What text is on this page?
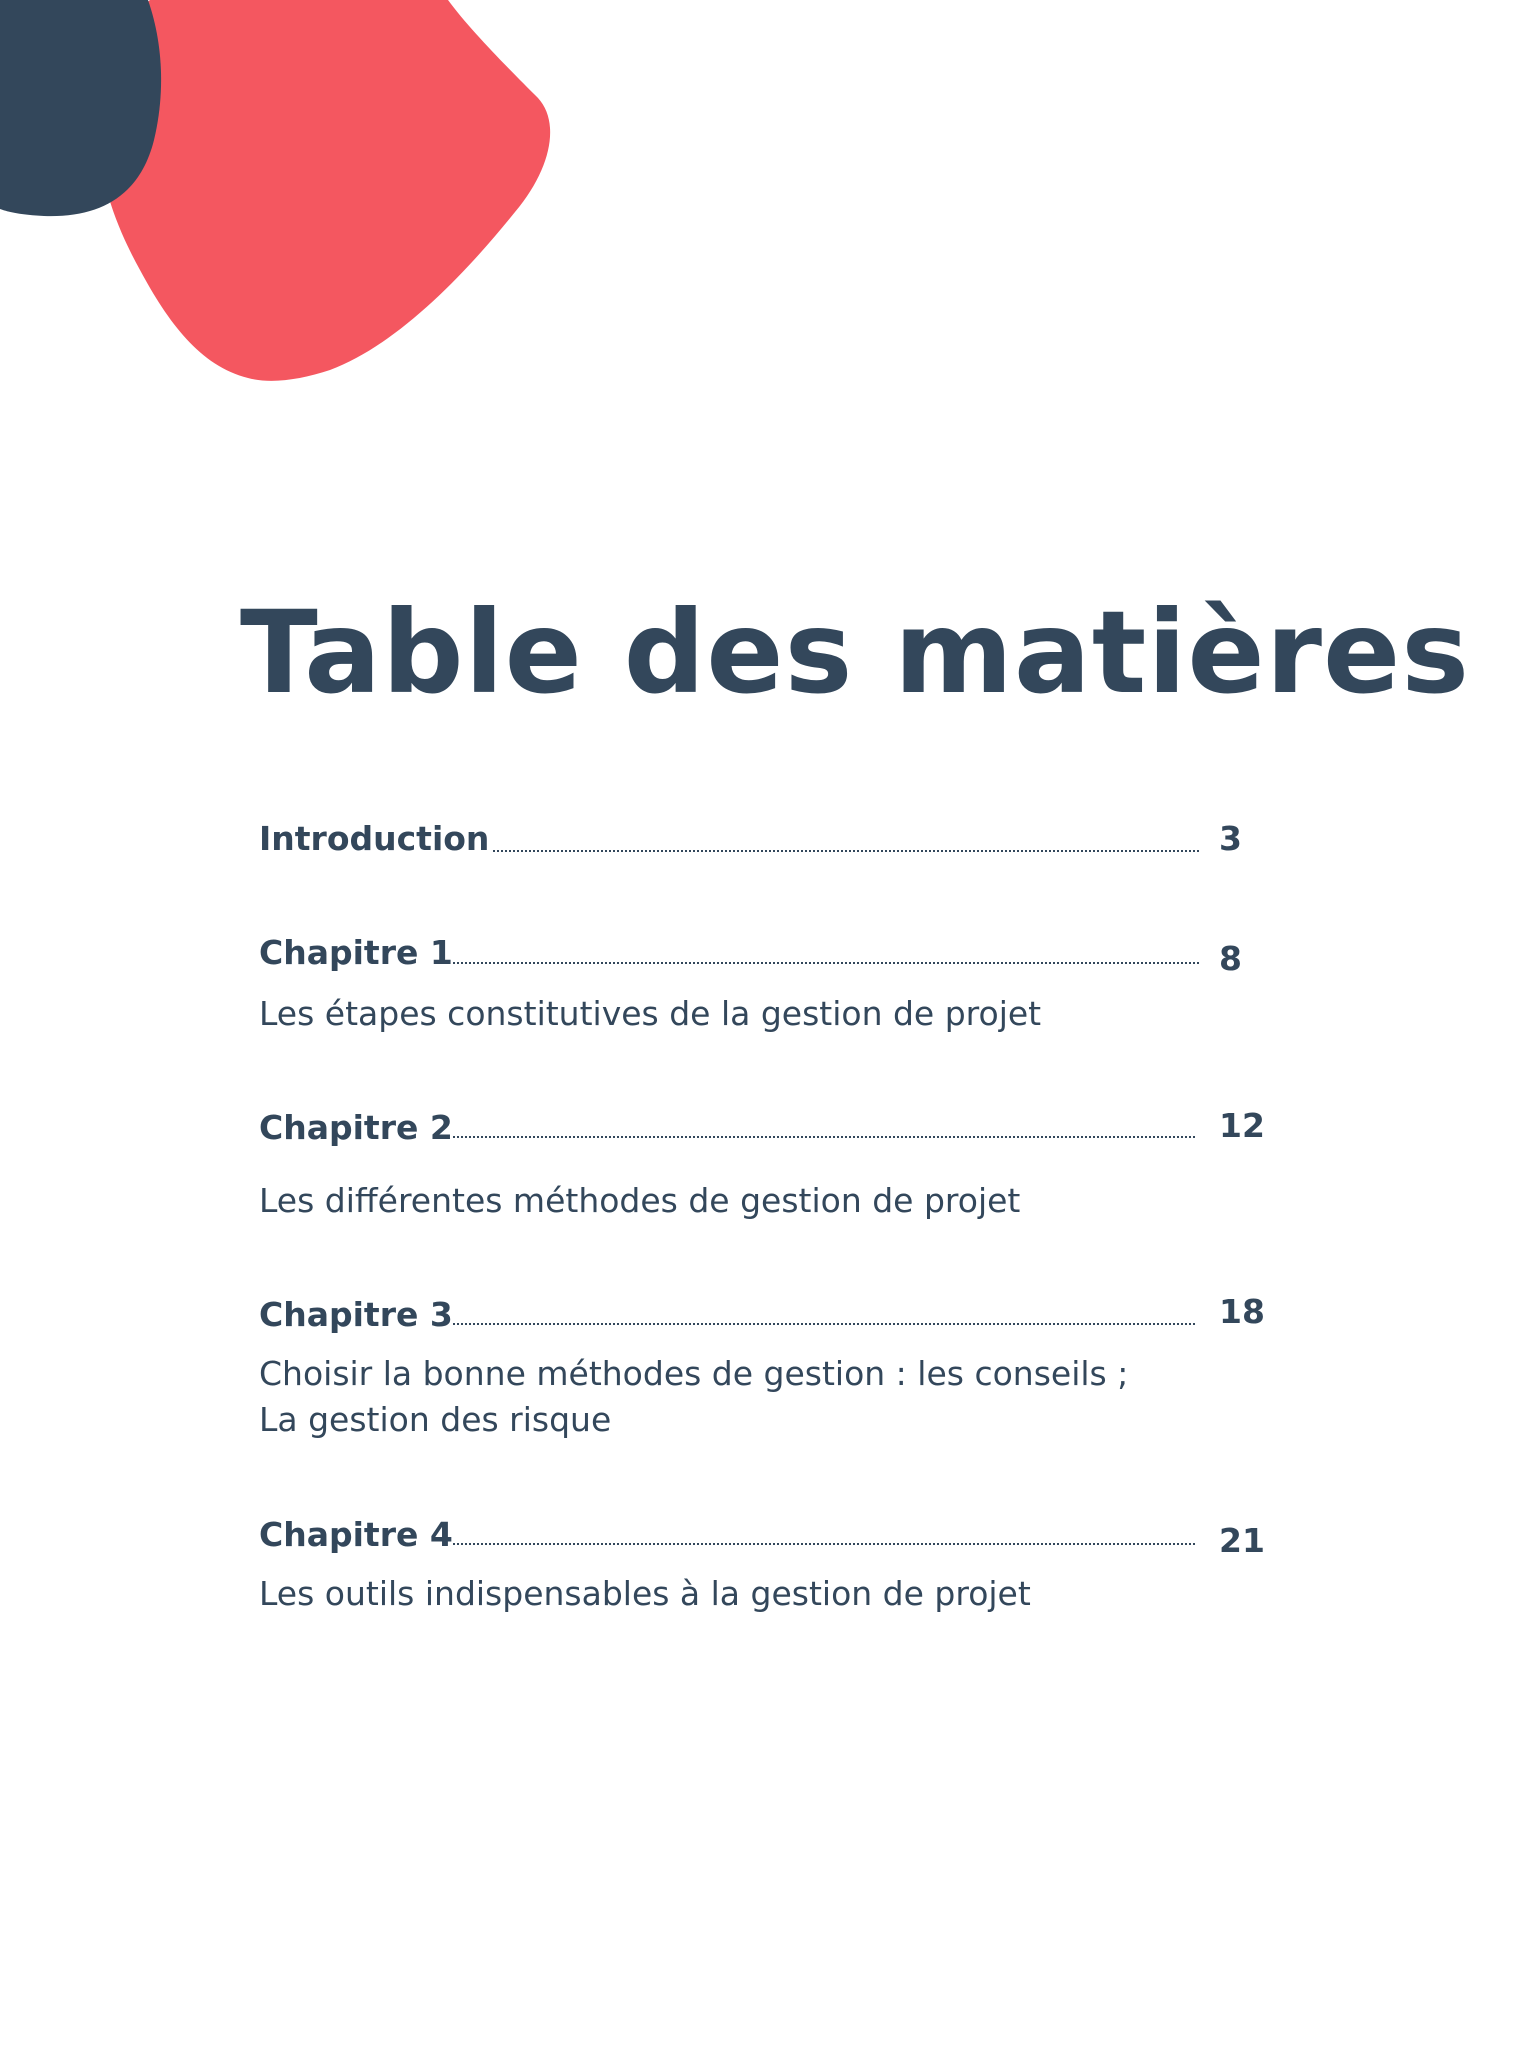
Table des matières
Introduction	3
Chapitre 1	8
Les étapes constitutives de la gestion de projet
Chapitre 2	12
Les différentes méthodes de gestion de projet
Chapitre 3	18
Choisir la bonne méthodes de gestion : les conseils ;
La gestion des risque
Chapitre 4	21
Les outils indispensables à la gestion de projet
